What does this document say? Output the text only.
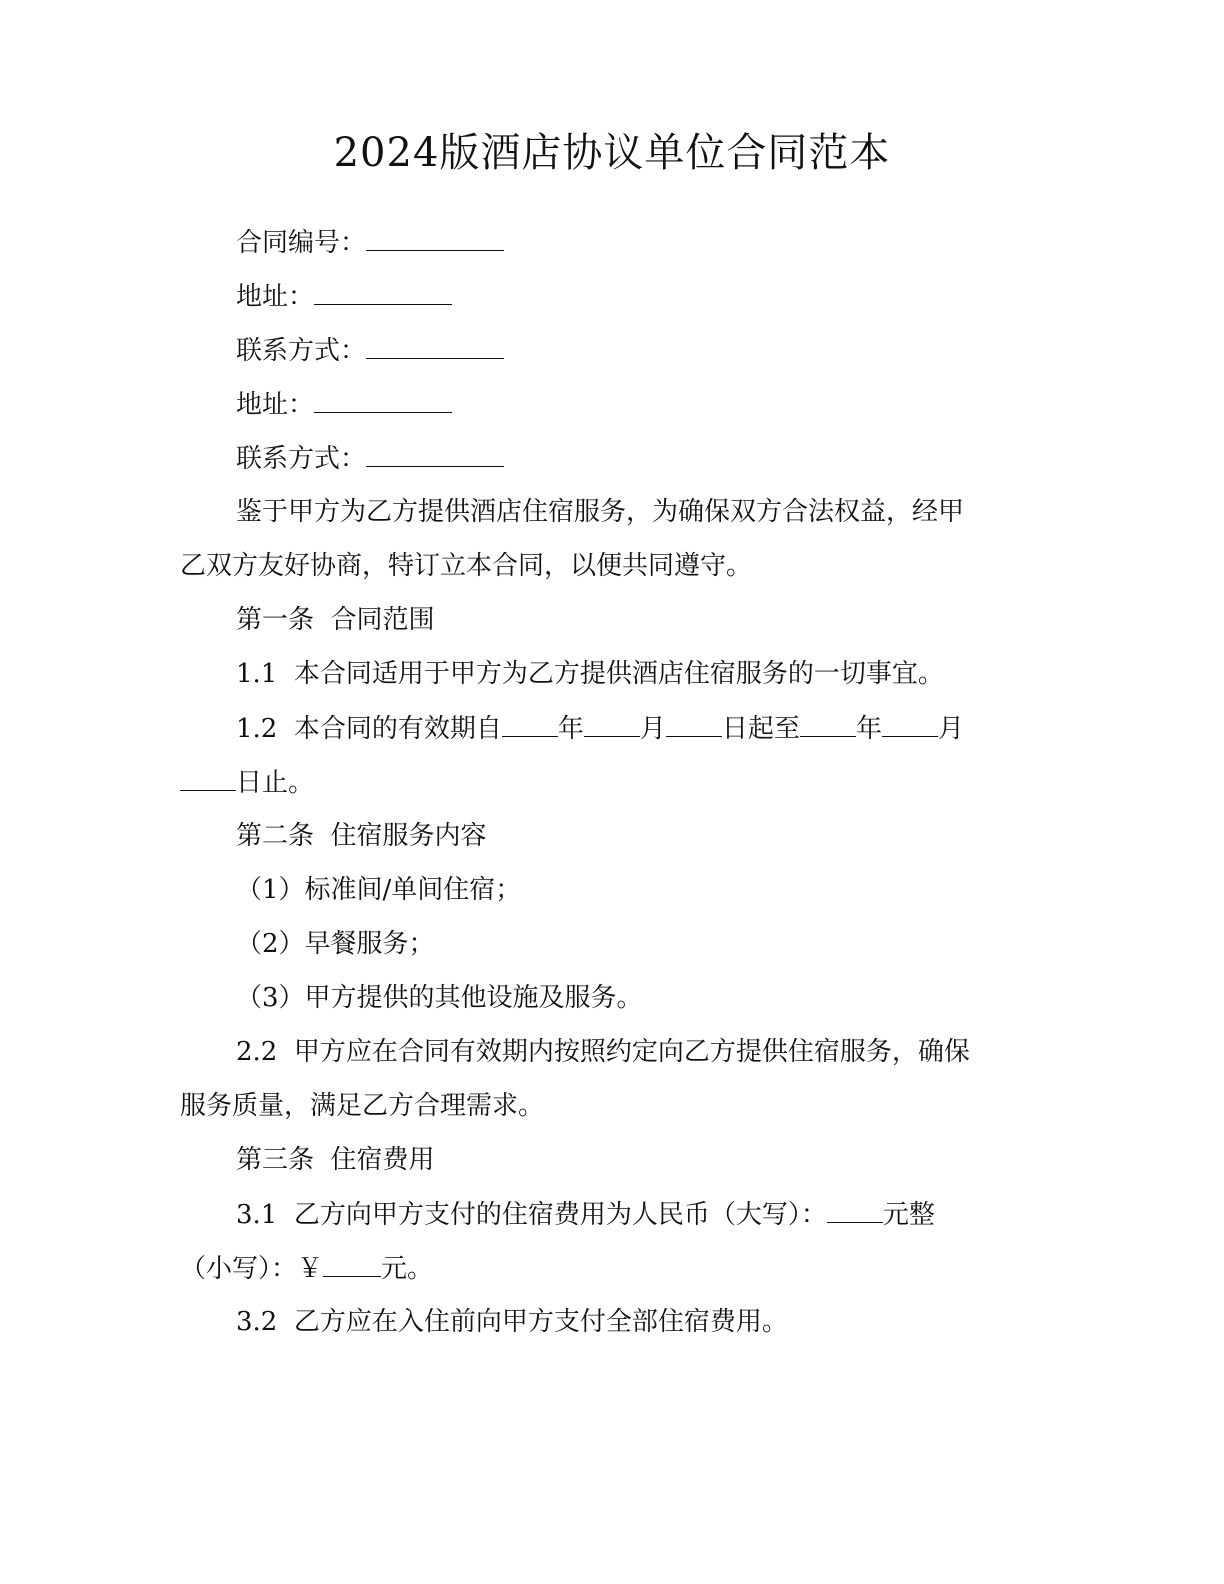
2024版酒店协议单位合同范本
合同编号：
地址：
联系方式：
地址：
联系方式：
鉴于甲方为乙方提供酒店住宿服务，为确保双方合法权益，经甲
乙双方友好协商，特订立本合同，以便共同遵守。
第一条  合同范围
1.1  本合同适用于甲方为乙方提供酒店住宿服务的一切事宜。
1.2  本合同的有效期自 年 月 日起至 年 月
日止。
第二条  住宿服务内容
（1）标准间/单间住宿；
（2）早餐服务；
（3）甲方提供的其他设施及服务。
2.2  甲方应在合同有效期内按照约定向乙方提供住宿服务，确保
服务质量，满足乙方合理需求。
第三条  住宿费用
3.1  乙方向甲方支付的住宿费用为人民币（大写）： 元整
（小写）：￥ 元。
3.2  乙方应在入住前向甲方支付全部住宿费用。
